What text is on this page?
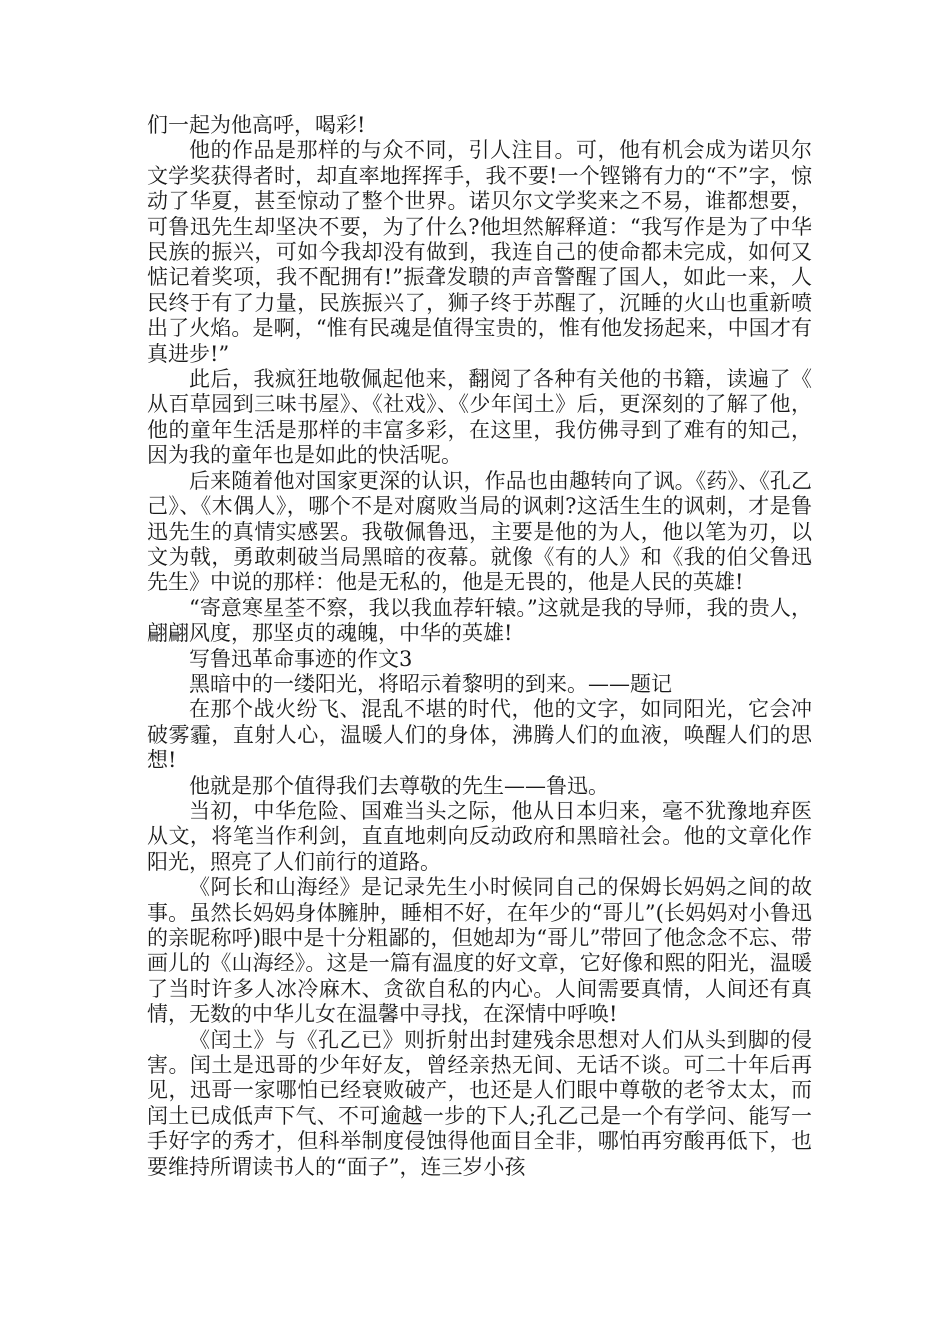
们一起为他高呼，喝彩!

他的作品是那样的与众不同，引人注目。可，他有机会成为诺贝尔文学奖获得者时，却直率地挥挥手，我不要!一个铿锵有力的“不”字，惊动了华夏，甚至惊动了整个世界。诺贝尔文学奖来之不易，谁都想要，可鲁迅先生却坚决不要，为了什么?他坦然解释道：“我写作是为了中华民族的振兴，可如今我却没有做到，我连自己的使命都未完成，如何又惦记着奖项，我不配拥有!”振聋发聩的声音警醒了国人，如此一来，人民终于有了力量，民族振兴了，狮子终于苏醒了，沉睡的火山也重新喷出了火焰。是啊，“惟有民魂是值得宝贵的，惟有他发扬起来，中国才有真进步!”

此后，我疯狂地敬佩起他来，翻阅了各种有关他的书籍，读遍了《从百草园到三味书屋》、《社戏》、《少年闰土》后，更深刻的了解了他，他的童年生活是那样的丰富多彩，在这里，我仿佛寻到了难有的知己，因为我的童年也是如此的快活呢。

后来随着他对国家更深的认识，作品也由趣转向了讽。《药》、《孔乙己》、《木偶人》，哪个不是对腐败当局的讽刺?这活生生的讽刺，才是鲁迅先生的真情实感罢。我敬佩鲁迅，主要是他的为人，他以笔为刃，以文为戟，勇敢刺破当局黑暗的夜幕。就像《有的人》和《我的伯父鲁迅先生》中说的那样：他是无私的，他是无畏的，他是人民的英雄!

“寄意寒星荃不察，我以我血荐轩辕。”这就是我的导师，我的贵人，翩翩风度，那坚贞的魂魄，中华的英雄!

写鲁迅革命事迹的作文3

黑暗中的一缕阳光，将昭示着黎明的到来。——题记

在那个战火纷飞、混乱不堪的时代，他的文字，如同阳光，它会冲破雾霾，直射人心，温暖人们的身体，沸腾人们的血液，唤醒人们的思想!

他就是那个值得我们去尊敬的先生——鲁迅。

当初，中华危险、国难当头之际，他从日本归来，毫不犹豫地弃医从文，将笔当作利剑，直直地刺向反动政府和黑暗社会。他的文章化作阳光，照亮了人们前行的道路。

《阿长和山海经》是记录先生小时候同自己的保姆长妈妈之间的故事。虽然长妈妈身体臃肿，睡相不好，在年少的“哥儿”(长妈妈对小鲁迅的亲昵称呼)眼中是十分粗鄙的，但她却为“哥儿”带回了他念念不忘、带画儿的《山海经》。这是一篇有温度的好文章，它好像和熙的阳光，温暖了当时许多人冰冷麻木、贪欲自私的内心。人间需要真情，人间还有真情，无数的中华儿女在温馨中寻找，在深情中呼唤!

《闰土》与《孔乙已》则折射出封建残余思想对人们从头到脚的侵害。闰土是迅哥的少年好友，曾经亲热无间、无话不谈。可二十年后再见，迅哥一家哪怕已经衰败破产，也还是人们眼中尊敬的老爷太太，而闰土已成低声下气、不可逾越一步的下人;孔乙己是一个有学问、能写一手好字的秀才，但科举制度侵蚀得他面目全非，哪怕再穷酸再低下，也要维持所谓读书人的“面子”，连三岁小孩
